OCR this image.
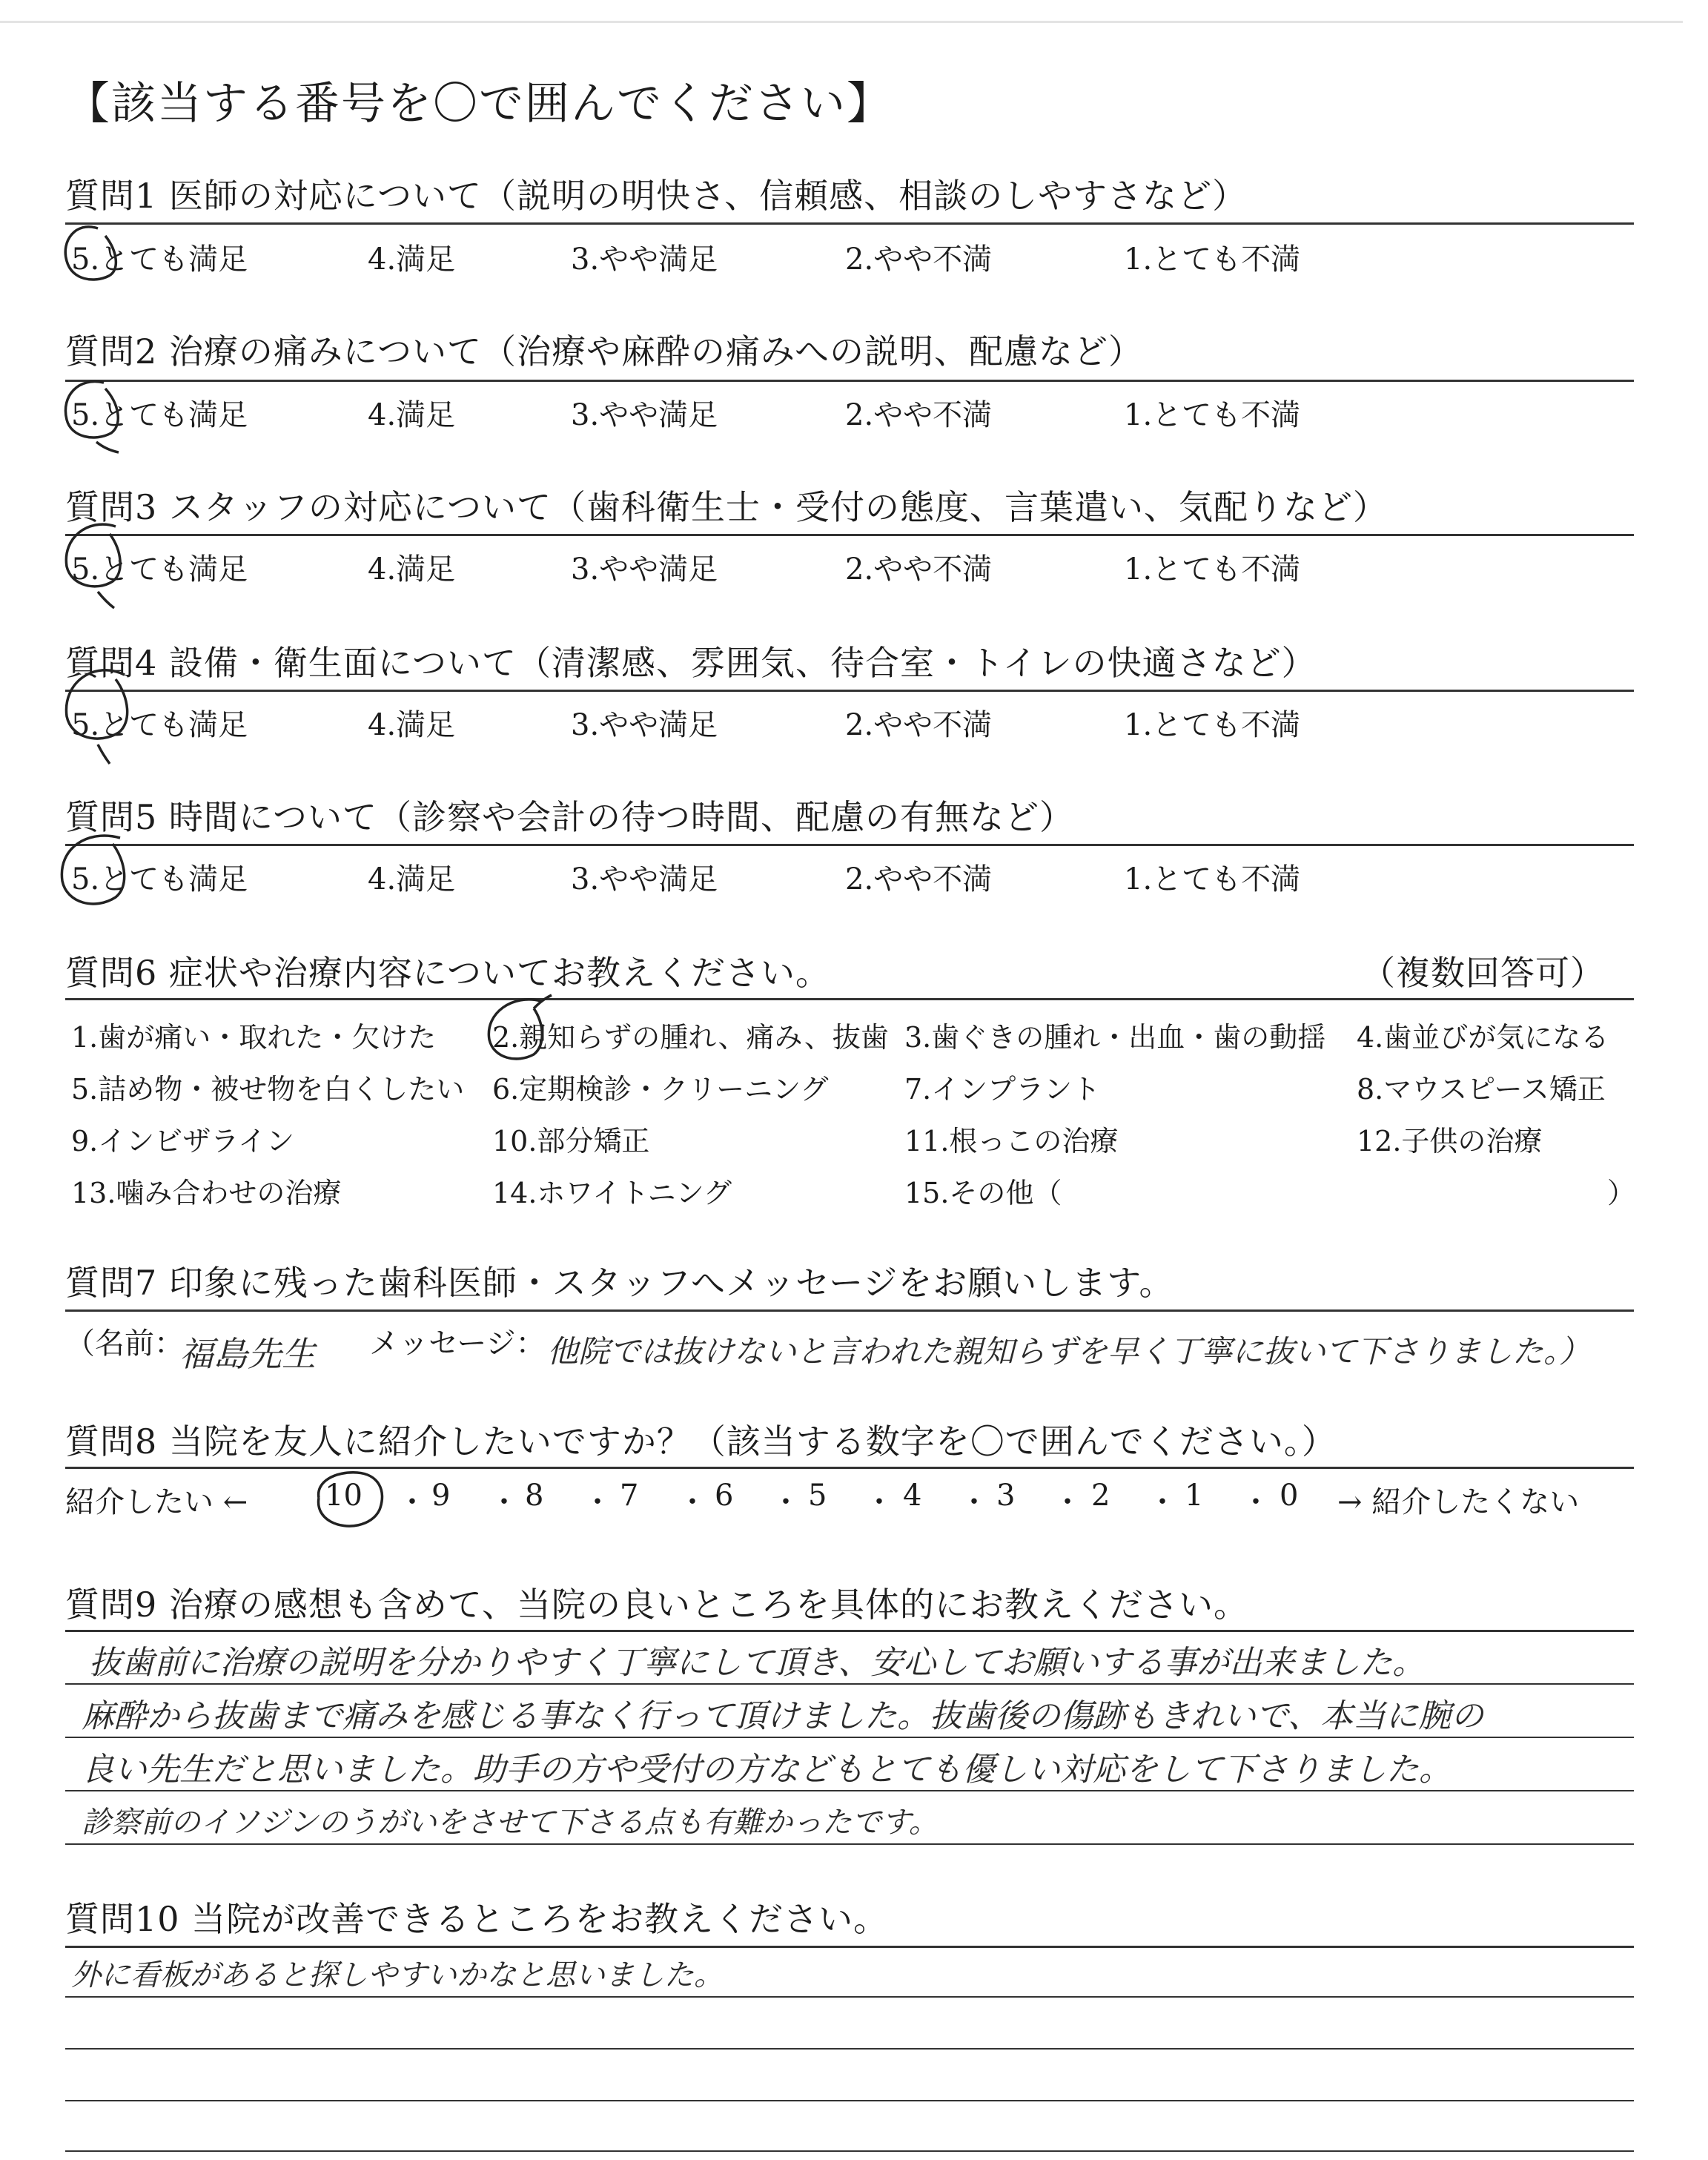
【該当する番号を〇で囲んでください】
質問1 医師の対応について（説明の明快さ、信頼感、相談のしやすさなど）
5.とても満足	4.満足	3.やや満足	2.やや不満	1.とても不満
質問2 治療の痛みについて（治療や麻酔の痛みへの説明、配慮など）
5.とても満足	4.満足	3.やや満足	2.やや不満	1.とても不満
質問3 スタッフの対応について（歯科衛生士・受付の態度、言葉遣い、気配りなど）
5.とても満足	4.満足	3.やや満足	2.やや不満	1.とても不満
質問4 設備・衛生面について（清潔感、雰囲気、待合室・トイレの快適さなど）
5.とても満足	4.満足	3.やや満足	2.やや不満	1.とても不満
質問5 時間について（診察や会計の待つ時間、配慮の有無など）
5.とても満足	4.満足	3.やや満足	2.やや不満	1.とても不満
質問6 症状や治療内容についてお教えください。	（複数回答可）
1.歯が痛い・取れた・欠けた 2.親知らずの腫れ、痛み、抜歯 3.歯ぐきの腫れ・出血・歯の動揺 4.歯並びが気になる
5.詰め物・被せ物を白くしたい 6.定期検診・クリーニング	7.インプラント	8.マウスピース矯正
9.インビザライン	10.部分矯正	11.根っこの治療	12.子供の治療
13.噛み合わせの治療	14.ホワイトニング	15.その他（	）
質問7 印象に残った歯科医師・スタッフへメッセージをお願いします。
（名前：
福島先生 メッセージ： 他院では抜けないと言われた親知らずを早く丁寧に抜いて下さりました。）
質問8 当院を友人に紹介したいですか？（該当する数字を〇で囲んでください。）
紹介したい ←	10 ・ 9 ・ 8 ・ 7 ・ 6 ・ 5 ・ 4 ・ 3 ・ 2 ・ 1 ・ 0 → 紹介したくない
質問9 治療の感想も含めて、当院の良いところを具体的にお教えください。
抜歯前に治療の説明を分かりやすく丁寧にして頂き、安心してお願いする事が出来ました。
麻酔から抜歯まで痛みを感じる事なく行って頂けました。抜歯後の傷跡もきれいで、本当に腕の
良い先生だと思いました。助手の方や受付の方などもとても優しい対応をして下さりました。
診察前のイソジンのうがいをさせて下さる点も有難かったです。
質問10 当院が改善できるところをお教えください。
外に看板があると探しやすいかなと思いました。
